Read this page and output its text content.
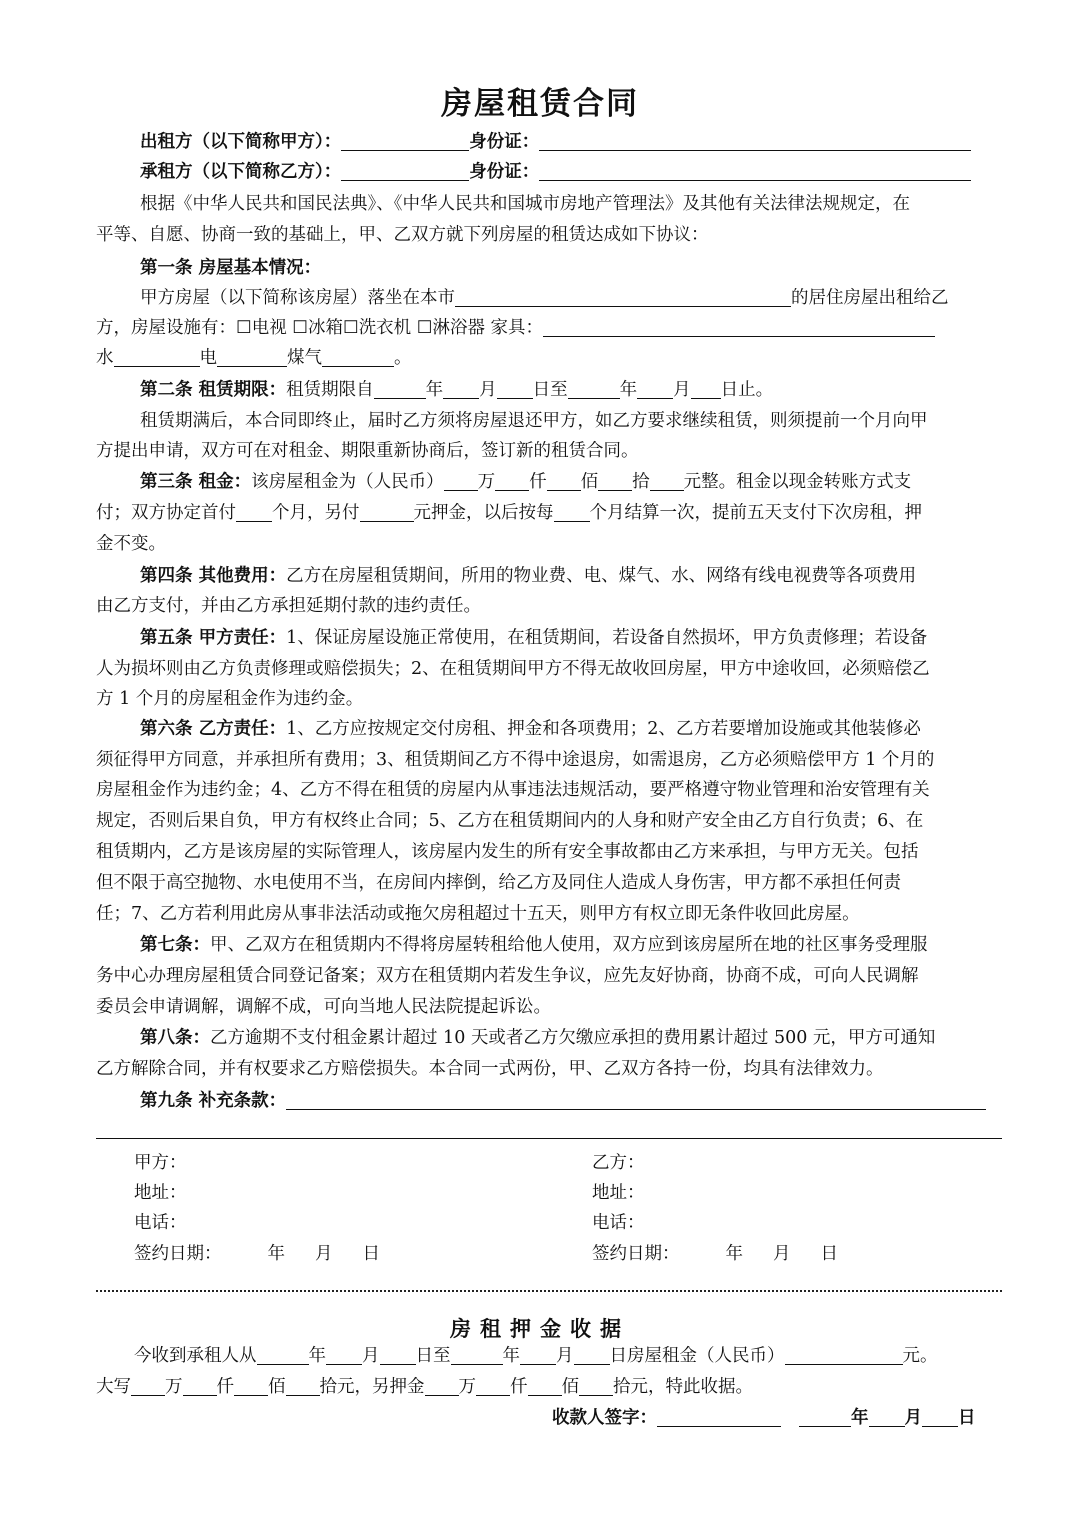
房屋租赁合同
出租方（以下简称甲方）：	身份证：
承租方（以下简称乙方）：	身份证：
根据《中华人民共和国民法典》、《中华人民共和国城市房地产管理法》及其他有关法律法规规定，在
平等、自愿、协商一致的基础上，甲、乙双方就下列房屋的租赁达成如下协议：
第一条 房屋基本情况：
甲方房屋（以下简称该房屋）落坐在本市	的居住房屋出租给乙
方，房屋设施有：☐电视 ☐冰箱☐洗衣机 ☐淋浴器 家具：
水	电	煤气	。
第二条 租赁期限：租赁期限自	年 月 日至	年 月 日止。
租赁期满后，本合同即终止，届时乙方须将房屋退还甲方，如乙方要求继续租赁，则须提前一个月向甲
方提出申请，双方可在对租金、期限重新协商后，签订新的租赁合同。
第三条 租金：该房屋租金为（人民币） 万 仟 佰 拾 元整。租金以现金转账方式支
付；双方协定首付 个月，另付	元押金，以后按每 个月结算一次，提前五天支付下次房租，押
金不变。
第四条 其他费用：乙方在房屋租赁期间，所用的物业费、电、煤气、水、网络有线电视费等各项费用
由乙方支付，并由乙方承担延期付款的违约责任。
第五条 甲方责任：1、保证房屋设施正常使用，在租赁期间，若设备自然损坏，甲方负责修理；若设备
人为损坏则由乙方负责修理或赔偿损失；2、在租赁期间甲方不得无故收回房屋，甲方中途收回，必须赔偿乙
方 1 个月的房屋租金作为违约金。
第六条 乙方责任：1、乙方应按规定交付房租、押金和各项费用；2、乙方若要增加设施或其他装修必
须征得甲方同意，并承担所有费用；3、租赁期间乙方不得中途退房，如需退房，乙方必须赔偿甲方 1 个月的
房屋租金作为违约金；4、乙方不得在租赁的房屋内从事违法违规活动，要严格遵守物业管理和治安管理有关
规定，否则后果自负，甲方有权终止合同；5、乙方在租赁期间内的人身和财产安全由乙方自行负责；6、在
租赁期内，乙方是该房屋的实际管理人，该房屋内发生的所有安全事故都由乙方来承担，与甲方无关。包括
但不限于高空抛物、水电使用不当，在房间内摔倒，给乙方及同住人造成人身伤害，甲方都不承担任何责
任；7、乙方若利用此房从事非法活动或拖欠房租超过十五天，则甲方有权立即无条件收回此房屋。
第七条：甲、乙双方在租赁期内不得将房屋转租给他人使用，双方应到该房屋所在地的社区事务受理服
务中心办理房屋租赁合同登记备案；双方在租赁期内若发生争议，应先友好协商，协商不成，可向人民调解
委员会申请调解，调解不成，可向当地人民法院提起诉讼。
第八条：乙方逾期不支付租金累计超过 10 天或者乙方欠缴应承担的费用累计超过 500 元，甲方可通知
乙方解除合同，并有权要求乙方赔偿损失。本合同一式两份，甲、乙双方各持一份，均具有法律效力。
第九条 补充条款：
甲方：	乙方：
地址：	地址：
电话：	电话：
签约日期：	年 月 日	签约日期：	年 月 日
房租押金收据
今收到承租人从	年 月 日至	年 月 日房屋租金（人民币）	元。
大写 万 仟 佰 拾元，另押金 万 仟 佰 拾元，特此收据。
收款人签字：	年 月 日
